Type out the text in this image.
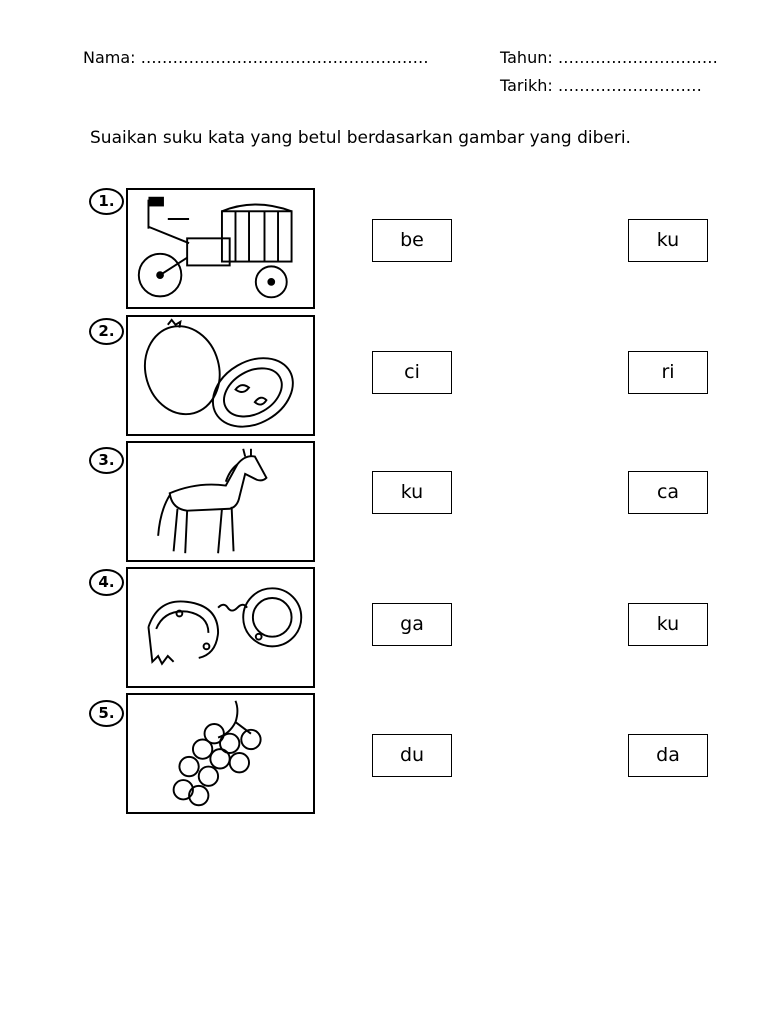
Nama: ………………………………………………	Tahun: …………………………
Tarikh: ………………………
Suaikan suku kata yang betul berdasarkan gambar yang diberi.
1.
be	ku
2.
ci	ri
3.
ku	ca
4.
ga	ku
5.
du	da
